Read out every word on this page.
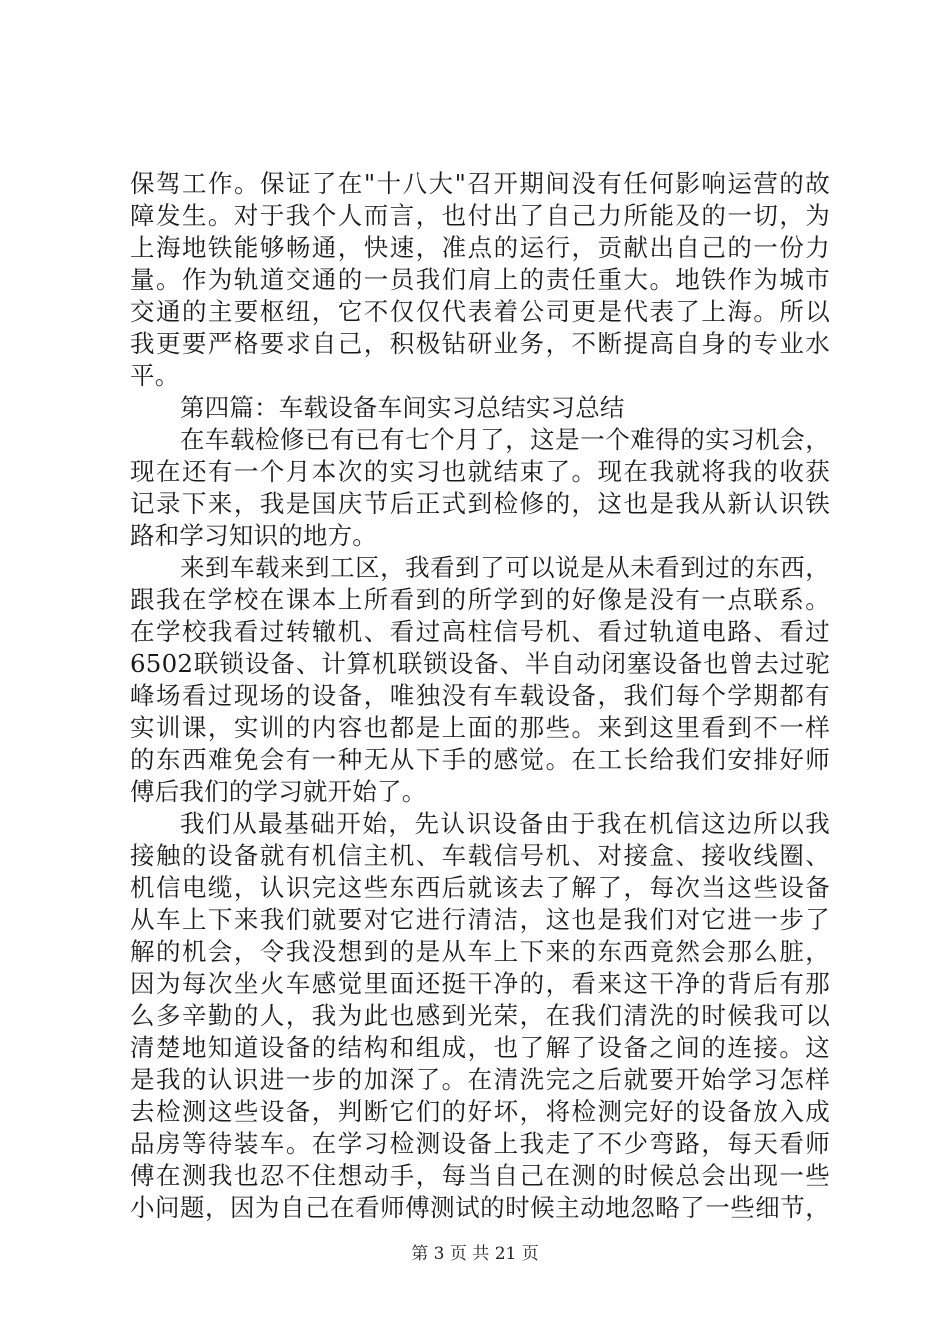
保驾工作。保证了在"十八大"召开期间没有任何影响运营的故
障发生。对于我个人而言，也付出了自己力所能及的一切，为
上海地铁能够畅通，快速，准点的运行，贡献出自己的一份力
量。作为轨道交通的一员我们肩上的责任重大。地铁作为城市
交通的主要枢纽，它不仅仅代表着公司更是代表了上海。所以
我更要严格要求自己，积极钻研业务，不断提高自身的专业水
平。
第四篇：车载设备车间实习总结实习总结
在车载检修已有已有七个月了，这是一个难得的实习机会，
现在还有一个月本次的实习也就结束了。现在我就将我的收获
记录下来，我是国庆节后正式到检修的，这也是我从新认识铁
路和学习知识的地方。
来到车载来到工区，我看到了可以说是从未看到过的东西，
跟我在学校在课本上所看到的所学到的好像是没有一点联系。
在学校我看过转辙机、看过高柱信号机、看过轨道电路、看过
6502联锁设备、计算机联锁设备、半自动闭塞设备也曾去过驼
峰场看过现场的设备，唯独没有车载设备，我们每个学期都有
实训课，实训的内容也都是上面的那些。来到这里看到不一样
的东西难免会有一种无从下手的感觉。在工长给我们安排好师
傅后我们的学习就开始了。
我们从最基础开始，先认识设备由于我在机信这边所以我
接触的设备就有机信主机、车载信号机、对接盒、接收线圈、
机信电缆，认识完这些东西后就该去了解了，每次当这些设备
从车上下来我们就要对它进行清洁，这也是我们对它进一步了
解的机会，令我没想到的是从车上下来的东西竟然会那么脏，
因为每次坐火车感觉里面还挺干净的，看来这干净的背后有那
么多辛勤的人，我为此也感到光荣，在我们清洗的时候我可以
清楚地知道设备的结构和组成，也了解了设备之间的连接。这
是我的认识进一步的加深了。在清洗完之后就要开始学习怎样
去检测这些设备，判断它们的好坏，将检测完好的设备放入成
品房等待装车。在学习检测设备上我走了不少弯路，每天看师
傅在测我也忍不住想动手，每当自己在测的时候总会出现一些
小问题，因为自己在看师傅测试的时候主动地忽略了一些细节，
第 3 页 共 21 页
